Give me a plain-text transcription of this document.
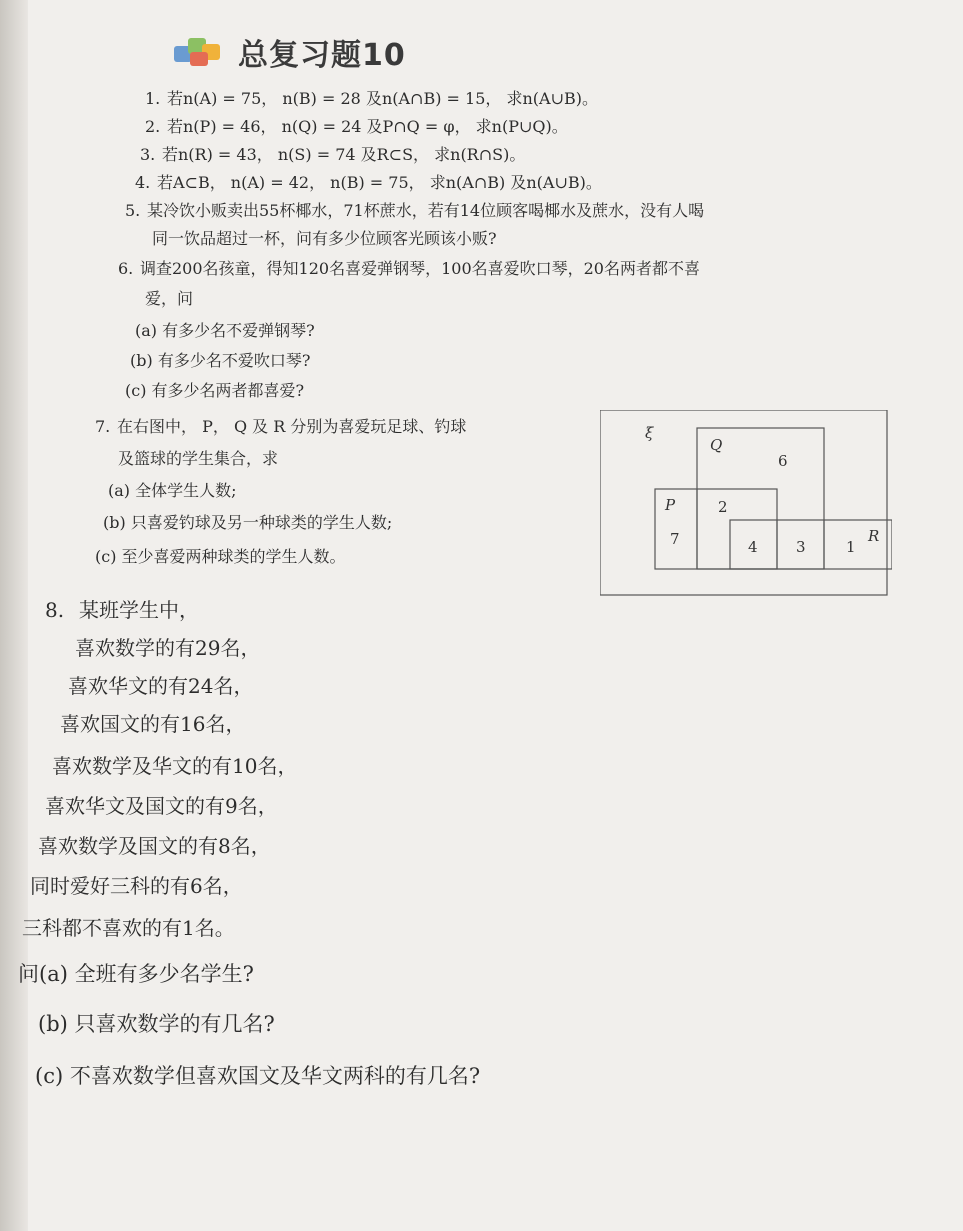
总复习题10
1. 若n(A) = 75， n(B) = 28 及n(A∩B) = 15， 求n(A∪B)。
2. 若n(P) = 46， n(Q) = 24 及P∩Q = φ， 求n(P∪Q)。
3. 若n(R) = 43， n(S) = 74 及R⊂S， 求n(R∩S)。
4. 若A⊂B， n(A) = 42， n(B) = 75， 求n(A∩B) 及n(A∪B)。
5. 某冷饮小贩卖出55杯椰水，71杯蔗水，若有14位顾客喝椰水及蔗水，没有人喝
同一饮品超过一杯，问有多少位顾客光顾该小贩?
6. 调查200名孩童，得知120名喜爱弹钢琴，100名喜爱吹口琴，20名两者都不喜
爱，问
(a) 有多少名不爱弹钢琴?
(b) 有多少名不爱吹口琴?
(c) 有多少名两者都喜爱?
7. 在右图中， P， Q 及 R 分别为喜爱玩足球、钓球
及篮球的学生集合，求
(a) 全体学生人数;
(b) 只喜爱钓球及另一种球类的学生人数;
(c) 至少喜爱两种球类的学生人数。
ξ
Q
P
R
6
2
7	4	3	1
8. 某班学生中，
喜欢数学的有29名，
喜欢华文的有24名，
喜欢国文的有16名，
喜欢数学及华文的有10名，
喜欢华文及国文的有9名，
喜欢数学及国文的有8名，
同时爱好三科的有6名，
三科都不喜欢的有1名。
问(a) 全班有多少名学生?
(b) 只喜欢数学的有几名?
(c) 不喜欢数学但喜欢国文及华文两科的有几名?
